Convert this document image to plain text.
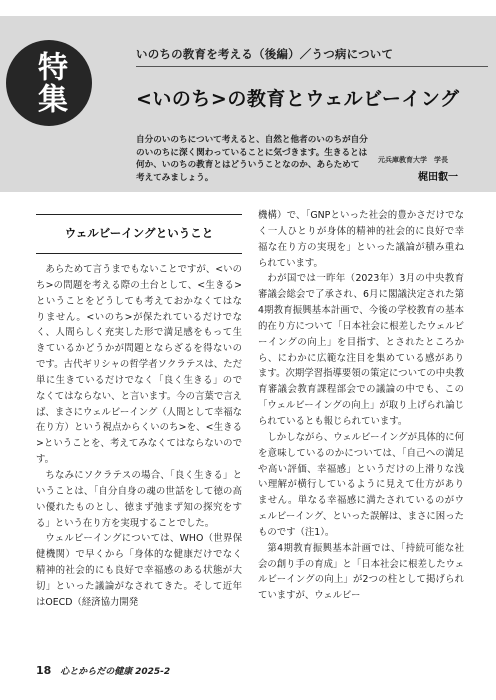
特集	いのちの教育を考える（後編）／うつ病について
<いのち>の教育とウェルビーイング
自分のいのちについて考えると、自然と他者のいのちが自分のいのちに深く関わっていることに気づきます。生きるとは何か、いのちの教育とはどういうことなのか、あらためて考えてみましょう。
元兵庫教育大学　学長
梶田叡一
ウェルビーイングということ

あらためて言うまでもないことですが、<いのち>の問題を考える際の土台として、<生きる>ということをどうしても考えておかなくてはなりません。<いのち>が保たれているだけでなく、人間らしく充実した形で満足感をもって生きているかどうかが問題とならざるを得ないのです。古代ギリシャの哲学者ソクラテスは、ただ単に生きているだけでなく「良く生きる」のでなくてはならない、と言います。今の言葉で言えば、まさにウェルビーイング（人間として幸福な在り方）という視点からくいのち>を、<生きる>ということを、考えてみなくてはならないのです。

ちなみにソクラテスの場合、「良く生きる」ということは、「自分自身の魂の世話をして徳の高い優れたものとし、徳まず弛まず知の探究をする」という在り方を実現することでした。

ウェルビーイングについては、WHO（世界保健機関）で早くから「身体的な健康だけでなく精神的社会的にも良好で幸福感のある状態が大切」といった議論がなされてきた。そして近年はOECD（経済協力開発

機構）で、「GNPといった社会的豊かさだけでなく一人ひとりが身体的精神的社会的に良好で幸福な在り方の実現を」といった議論が積み重ねられています。

わが国では一昨年（2023年）3月の中央教育審議会総会で了承され、6月に閣議決定された第4期教育振興基本計画で、今後の学校教育の基本的在り方について「日本社会に根差したウェルビーイングの向上」を目指す、とされたところから、にわかに広範な注目を集めている感があります。次期学習指導要領の策定についての中央教育審議会教育課程部会での議論の中でも、この「ウェルビーイングの向上」が取り上げられ論じられているとも報じられています。

しかしながら、ウェルビーイングが具体的に何を意味しているのかについては、「自己への満足や高い評価、幸福感」というだけの上滑りな浅い理解が横行しているように見えて仕方がありません。単なる幸福感に満たされているのがウェルビーイング、といった誤解は、まさに困ったものです（注1）。

第4期教育振興基本計画では、「持続可能な社会の創り手の育成」と「日本社会に根差したウェルビーイングの向上」が2つの柱として掲げられていますが、ウェルビー

18 心とからだの健康 2025-2
